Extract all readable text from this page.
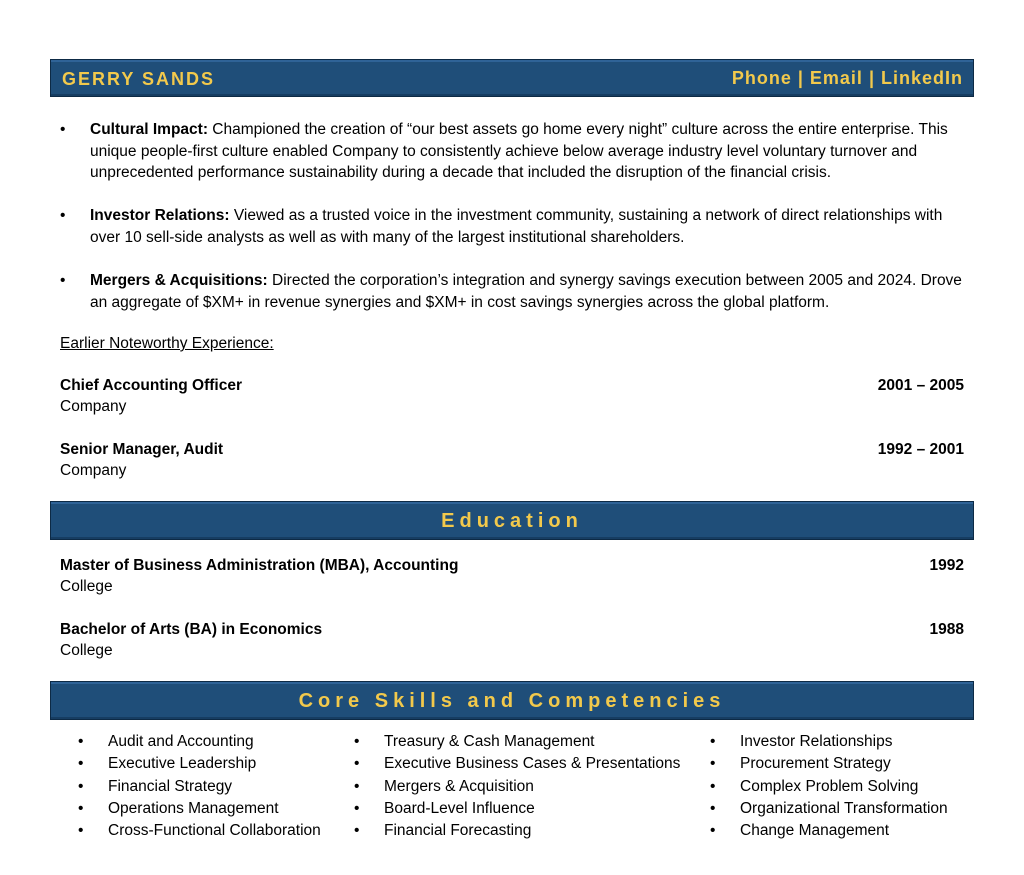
GERRY SANDS	Phone | Email | LinkedIn
• Cultural Impact: Championed the creation of “our best assets go home every night” culture across the entire enterprise. This unique people-first culture enabled Company to consistently achieve below average industry level voluntary turnover and unprecedented performance sustainability during a decade that included the disruption of the financial crisis.
• Investor Relations: Viewed as a trusted voice in the investment community, sustaining a network of direct relationships with over 10 sell-side analysts as well as with many of the largest institutional shareholders.
• Mergers & Acquisitions: Directed the corporation’s integration and synergy savings execution between 2005 and 2024. Drove an aggregate of $XM+ in revenue synergies and $XM+ in cost savings synergies across the global platform.
Earlier Noteworthy Experience:
Chief Accounting Officer	2001 – 2005
Company
Senior Manager, Audit	1992 – 2001
Company
Education
Master of Business Administration (MBA), Accounting	1992
College
Bachelor of Arts (BA) in Economics	1988
College
Core Skills and Competencies
• Audit and Accounting
• Executive Leadership
• Financial Strategy
• Operations Management
• Cross-Functional Collaboration
• Treasury & Cash Management
• Executive Business Cases & Presentations
• Mergers & Acquisition
• Board-Level Influence
• Financial Forecasting
• Investor Relationships
• Procurement Strategy
• Complex Problem Solving
• Organizational Transformation
• Change Management
